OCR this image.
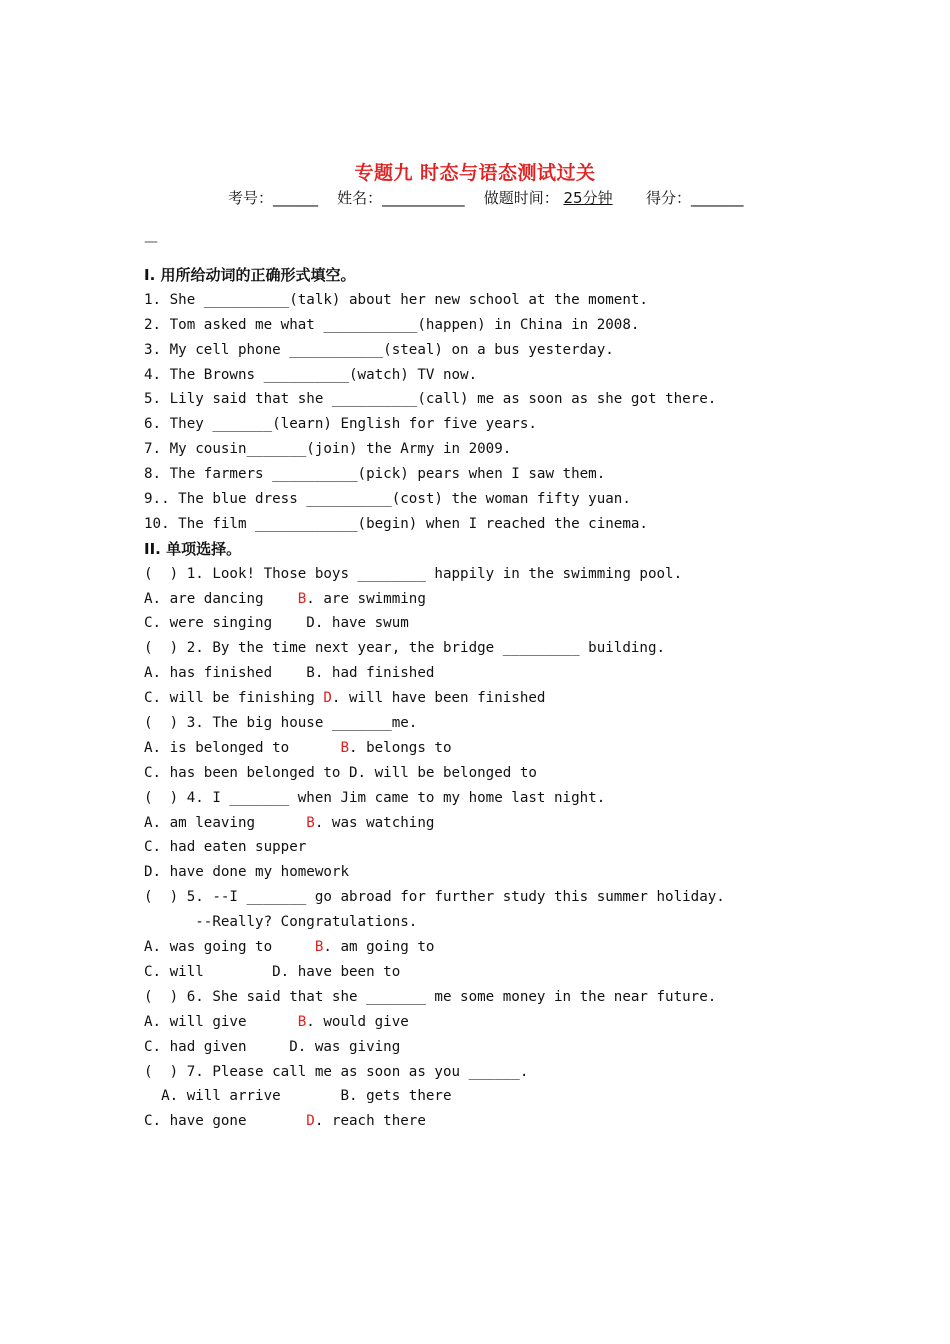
专题九 时态与语态测试过关
考号：______ 姓名：___________ 做题时间： 25分钟 得分：_______
—
I. 用所给动词的正确形式填空。
1. She __________(talk) about her new school at the moment.
2. Tom asked me what ___________(happen) in China in 2008.
3. My cell phone ___________(steal) on a bus yesterday.
4. The Browns __________(watch) TV now.
5. Lily said that she __________(call) me as soon as she got there.
6. They _______(learn) English for five years.
7. My cousin_______(join) the Army in 2009.
8. The farmers __________(pick) pears when I saw them.
9.. The blue dress __________(cost) the woman fifty yuan.
10. The film ____________(begin) when I reached the cinema.
II. 单项选择。
(  ) 1. Look! Those boys ________ happily in the swimming pool.
A. are dancing    B. are swimming
C. were singing    D. have swum
(  ) 2. By the time next year, the bridge _________ building.
A. has finished    B. had finished
C. will be finishing D. will have been finished
(  ) 3. The big house _______me.
A. is belonged to      B. belongs to
C. has been belonged to D. will be belonged to
(  ) 4. I _______ when Jim came to my home last night.
A. am leaving      B. was watching
C. had eaten supper
D. have done my homework
(  ) 5. --I _______ go abroad for further study this summer holiday.
--Really? Congratulations.
A. was going to     B. am going to
C. will        D. have been to
(  ) 6. She said that she _______ me some money in the near future.
A. will give      B. would give
C. had given     D. was giving
(  ) 7. Please call me as soon as you ______.
A. will arrive       B. gets there
C. have gone       D. reach there
